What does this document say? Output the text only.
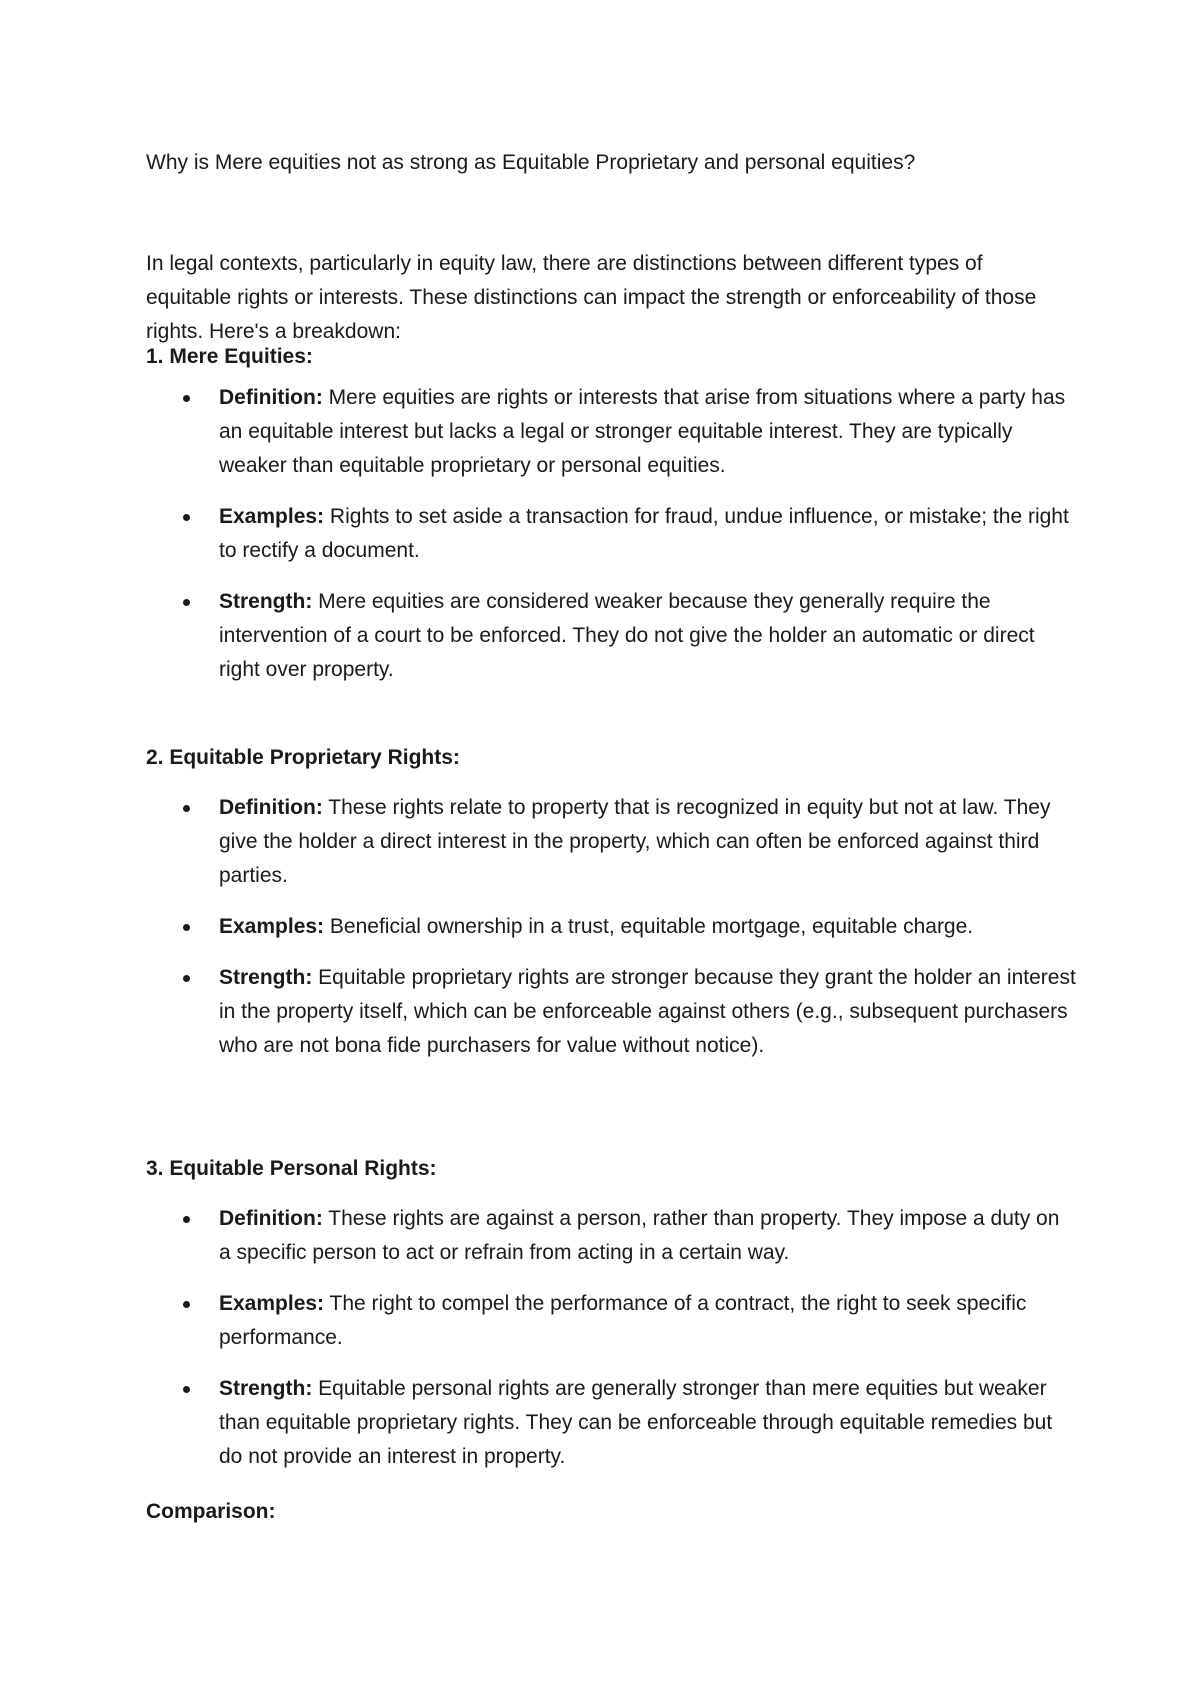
Why is Mere equities not as strong as Equitable Proprietary and personal equities?

In legal contexts, particularly in equity law, there are distinctions between different types of equitable rights or interests. These distinctions can impact the strength or enforceability of those rights. Here's a breakdown:

1. Mere Equities:
Definition: Mere equities are rights or interests that arise from situations where a party has an equitable interest but lacks a legal or stronger equitable interest. They are typically weaker than equitable proprietary or personal equities.
Examples: Rights to set aside a transaction for fraud, undue influence, or mistake; the right to rectify a document.
Strength: Mere equities are considered weaker because they generally require the intervention of a court to be enforced. They do not give the holder an automatic or direct right over property.
2. Equitable Proprietary Rights:
Definition: These rights relate to property that is recognized in equity but not at law. They give the holder a direct interest in the property, which can often be enforced against third parties.
Examples: Beneficial ownership in a trust, equitable mortgage, equitable charge.
Strength: Equitable proprietary rights are stronger because they grant the holder an interest in the property itself, which can be enforceable against others (e.g., subsequent purchasers who are not bona fide purchasers for value without notice).
3. Equitable Personal Rights:
Definition: These rights are against a person, rather than property. They impose a duty on a specific person to act or refrain from acting in a certain way.
Examples: The right to compel the performance of a contract, the right to seek specific performance.
Strength: Equitable personal rights are generally stronger than mere equities but weaker than equitable proprietary rights. They can be enforceable through equitable remedies but do not provide an interest in property.
Comparison:
